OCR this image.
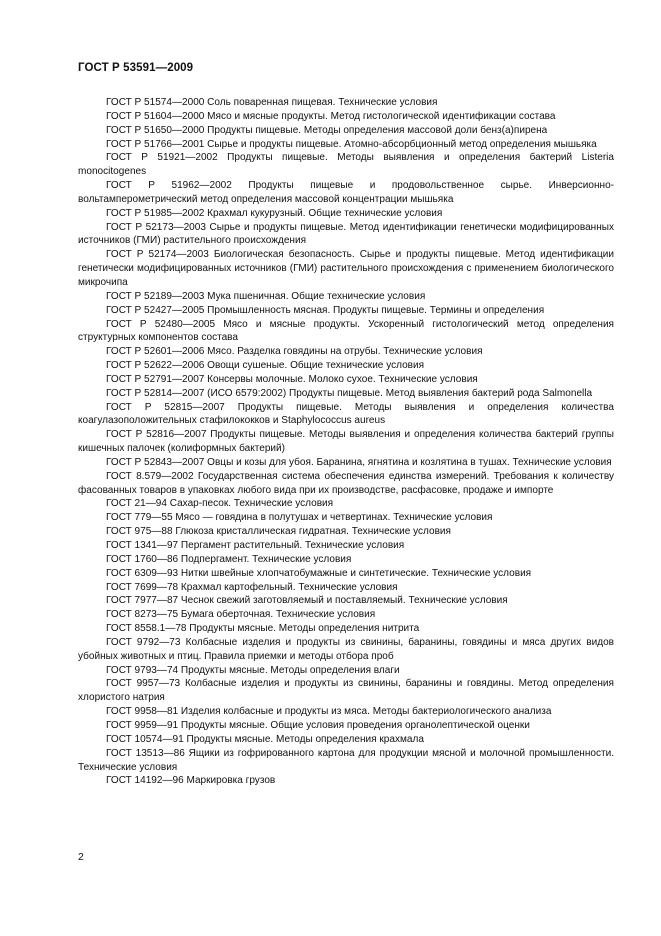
ГОСТ Р 53591—2009

ГОСТ Р 51574—2000 Соль поваренная пищевая. Технические условия

ГОСТ Р 51604—2000 Мясо и мясные продукты. Метод гистологической идентификации состава

ГОСТ Р 51650—2000 Продукты пищевые. Методы определения массовой доли бенз(а)пирена

ГОСТ Р 51766—2001 Сырье и продукты пищевые. Атомно-абсорбционный метод определения мышьяка

ГОСТ Р 51921—2002 Продукты пищевые. Методы выявления и определения бактерий Listeria monocitogenes

ГОСТ Р 51962—2002 Продукты пищевые и продовольственное сырье. Инверсионно-вольтамперометрический метод определения массовой концентрации мышьяка

ГОСТ Р 51985—2002 Крахмал кукурузный. Общие технические условия

ГОСТ Р 52173—2003 Сырье и продукты пищевые. Метод идентификации генетически модифицированных источников (ГМИ) растительного происхождения

ГОСТ Р 52174—2003 Биологическая безопасность. Сырье и продукты пищевые. Метод идентификации генетически модифицированных источников (ГМИ) растительного происхождения с применением биологического микрочипа

ГОСТ Р 52189—2003 Мука пшеничная. Общие технические условия

ГОСТ Р 52427—2005 Промышленность мясная. Продукты пищевые. Термины и определения

ГОСТ Р 52480—2005 Мясо и мясные продукты. Ускоренный гистологический метод определения структурных компонентов состава

ГОСТ Р 52601—2006 Мясо. Разделка говядины на отрубы. Технические условия

ГОСТ Р 52622—2006 Овощи сушеные. Общие технические условия

ГОСТ Р 52791—2007 Консервы молочные. Молоко сухое. Технические условия

ГОСТ Р 52814—2007 (ИСО 6579:2002) Продукты пищевые. Метод выявления бактерий рода Salmonella

ГОСТ Р 52815—2007 Продукты пищевые. Методы выявления и определения количества коагулазоположительных стафилококков и Staphylococcus aureus

ГОСТ Р 52816—2007 Продукты пищевые. Методы выявления и определения количества бактерий группы кишечных палочек (колиформных бактерий)

ГОСТ Р 52843—2007 Овцы и козы для убоя. Баранина, ягнятина и козлятина в тушах. Технические условия

ГОСТ 8.579—2002 Государственная система обеспечения единства измерений. Требования к количеству фасованных товаров в упаковках любого вида при их производстве, расфасовке, продаже и импорте

ГОСТ 21—94 Сахар-песок. Технические условия

ГОСТ 779—55 Мясо — говядина в полутушах и четвертинах. Технические условия

ГОСТ 975—88 Глюкоза кристаллическая гидратная. Технические условия

ГОСТ 1341—97 Пергамент растительный. Технические условия

ГОСТ 1760—86 Подпергамент. Технические условия

ГОСТ 6309—93 Нитки швейные хлопчатобумажные и синтетические. Технические условия

ГОСТ 7699—78 Крахмал картофельный. Технические условия

ГОСТ 7977—87 Чеснок свежий заготовляемый и поставляемый. Технические условия

ГОСТ 8273—75 Бумага оберточная. Технические условия

ГОСТ 8558.1—78 Продукты мясные. Методы определения нитрита

ГОСТ 9792—73 Колбасные изделия и продукты из свинины, баранины, говядины и мяса других видов убойных животных и птиц. Правила приемки и методы отбора проб

ГОСТ 9793—74 Продукты мясные. Методы определения влаги

ГОСТ 9957—73 Колбасные изделия и продукты из свинины, баранины и говядины. Метод определения хлористого натрия

ГОСТ 9958—81 Изделия колбасные и продукты из мяса. Методы бактериологического анализа

ГОСТ 9959—91 Продукты мясные. Общие условия проведения органолептической оценки

ГОСТ 10574—91 Продукты мясные. Методы определения крахмала

ГОСТ 13513—86 Ящики из гофрированного картона для продукции мясной и молочной промышленности. Технические условия

ГОСТ 14192—96 Маркировка грузов

2
